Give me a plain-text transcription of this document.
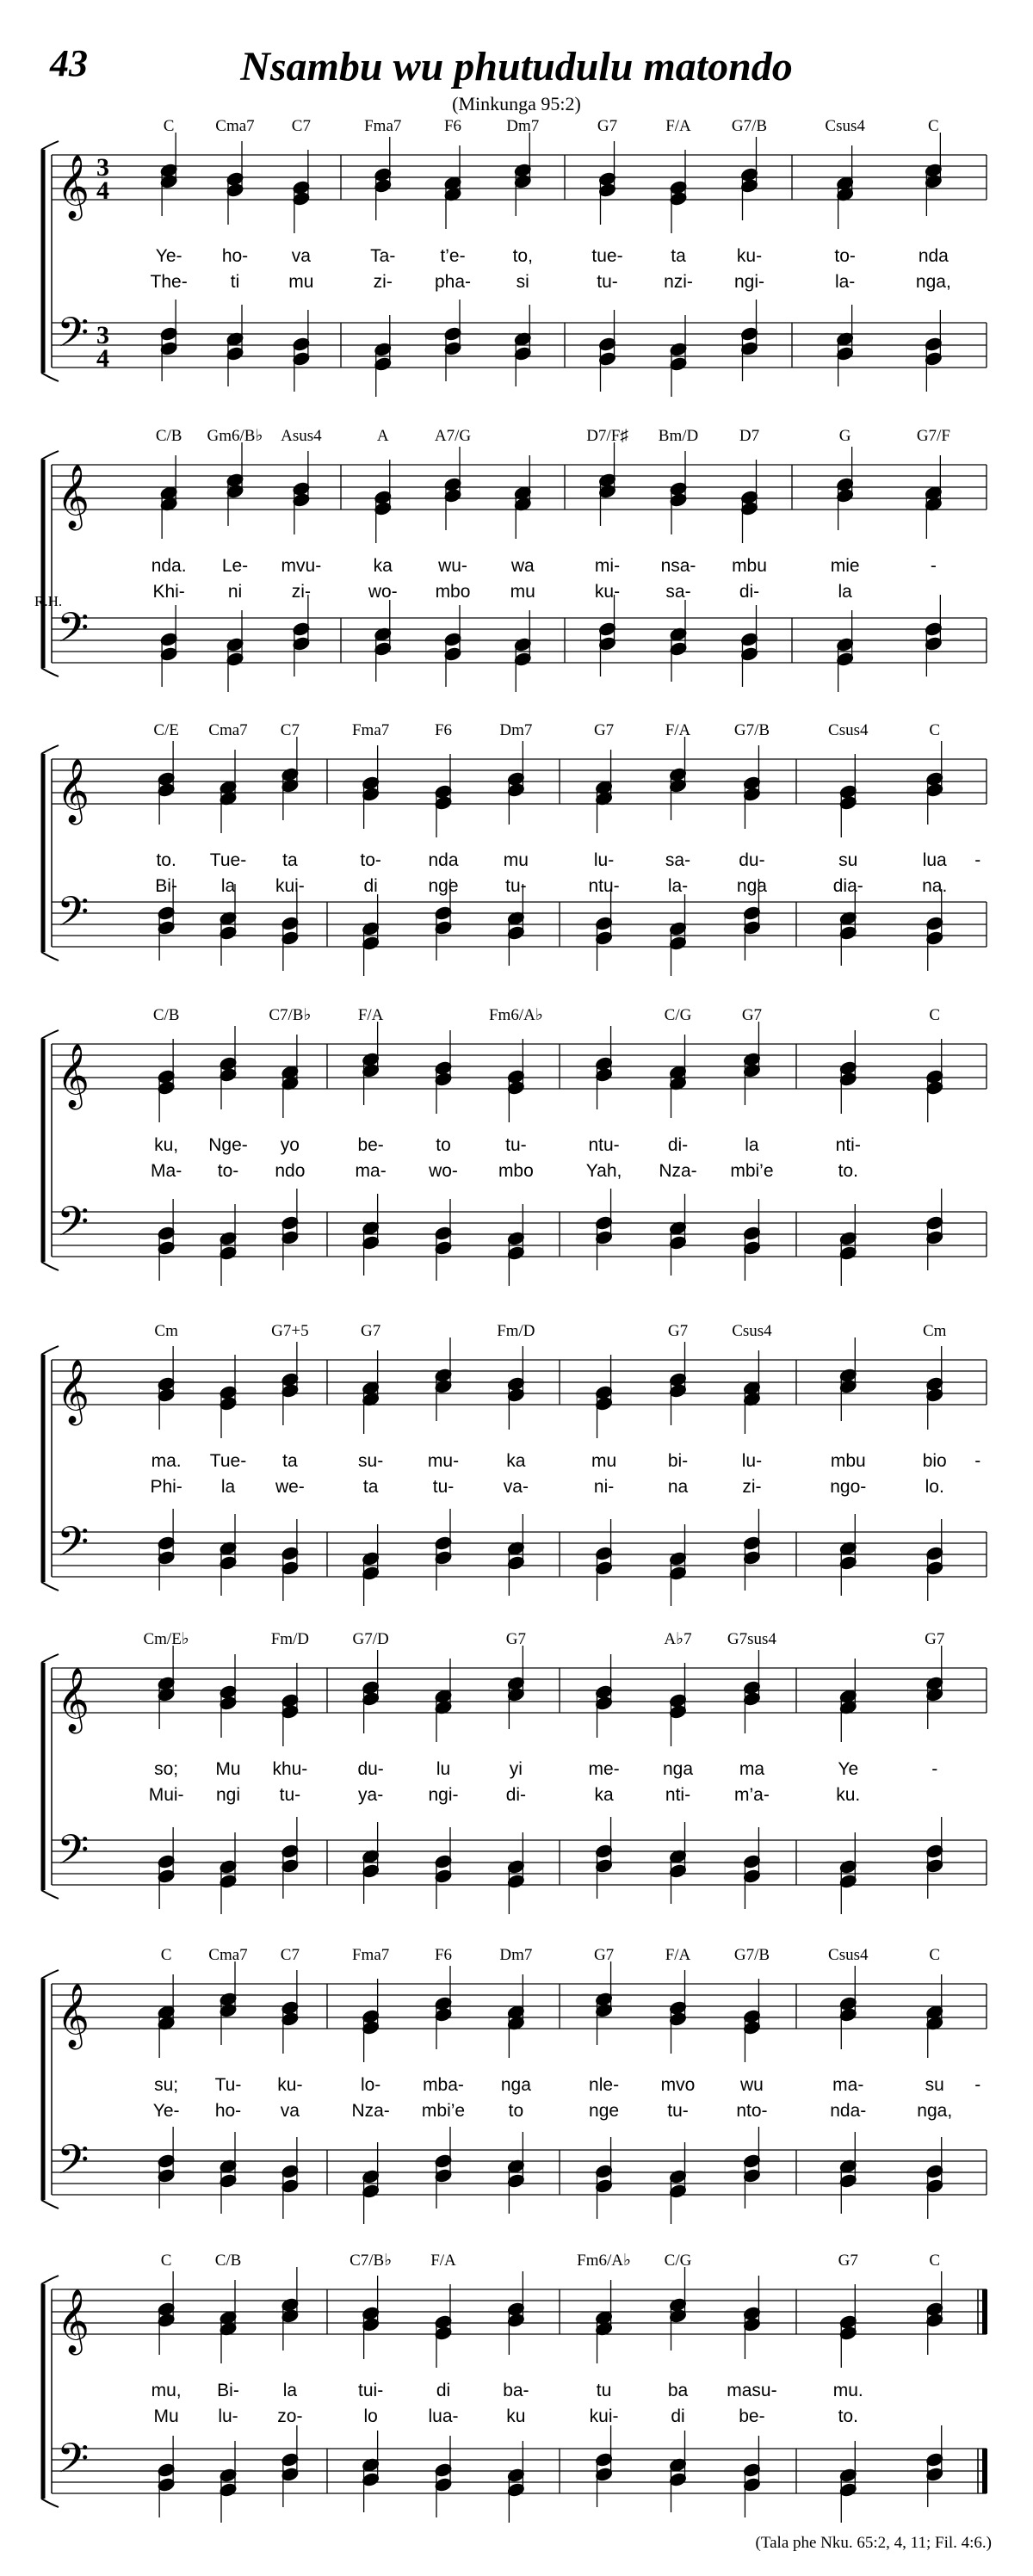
43	Nsambu wu phutudulu matondo
(Minkunga 95:2)
(Tala phe Nku. 65:2, 4, 11; Fil. 4:6.)
𝄞
𝄢
3
4
3
4
C	Cma7 C7	Fma7	F6	Dm7	G7	F/A G7/B	Csus4	C
Ye- ho- va	Ta- t’e-	to,	tue-	ta	ku-	to-	nda
The- ti	mu	zi- pha-	si	tu-	nzi- ngi-	la-	nga,
𝄞
𝄢
R.H.
C/B Gm6/B♭ Asus4	A	A7/G	D7/F♯ Bm/D	D7	G	G7/F
nda. Le- mvu-	ka	wu- wa	mi- nsa- mbu	mie	-
Khi- ni	zi-	wo- mbo mu	ku-	sa-	di-	la
𝄞
𝄢
C/E Cma7 C7	Fma7	F6	Dm7	G7	F/A	G7/B	Csus4	C
to. Tue- ta	to-	nda mu	lu-	sa-	du-	su	lua -
Bi- la kui-	di	nge	tu-	ntu-	la-	nga	dia-	na.
𝄞
𝄢
C/B	C7/B♭	F/A	Fm6/A♭	C/G	G7	C
ku, Nge- yo	be-	to	tu-	ntu-	di-	la	nti-
Ma- to- ndo	ma- wo- mbo	Yah, Nza- mbi’e	to.
𝄞
𝄢
Cm	G7+5	G7	Fm/D	G7	Csus4	Cm
ma. Tue- ta	su- mu-	ka	mu	bi-	lu-	mbu	bio -
Phi- la we-	ta	tu-	va-	ni-	na	zi-	ngo-	lo.
𝄞
𝄢
Cm/E♭	Fm/D	G7/D	G7	A♭7 G7sus4	G7
so; Mu khu-	du-	lu	yi	me- nga	ma	Ye	-
Mui- ngi tu-	ya- ngi-	di-	ka	nti- m’a-	ku.
𝄞
𝄢
C Cma7 C7	Fma7	F6	Dm7	G7	F/A	G7/B	Csus4	C
su; Tu- ku-	lo- mba- nga	nle- mvo	wu	ma-	su -
Ye- ho- va	Nza- mbi’e to	nge	tu-	nto-	nda-	nga,
𝄞
𝄢
C	C/B	C7/B♭ F/A	Fm6/A♭ C/G	G7	C
mu, Bi- la	tui-	di	ba-	tu	ba masu-	mu.
Mu lu- zo-	lo	lua-	ku	kui-	di	be-	to.
